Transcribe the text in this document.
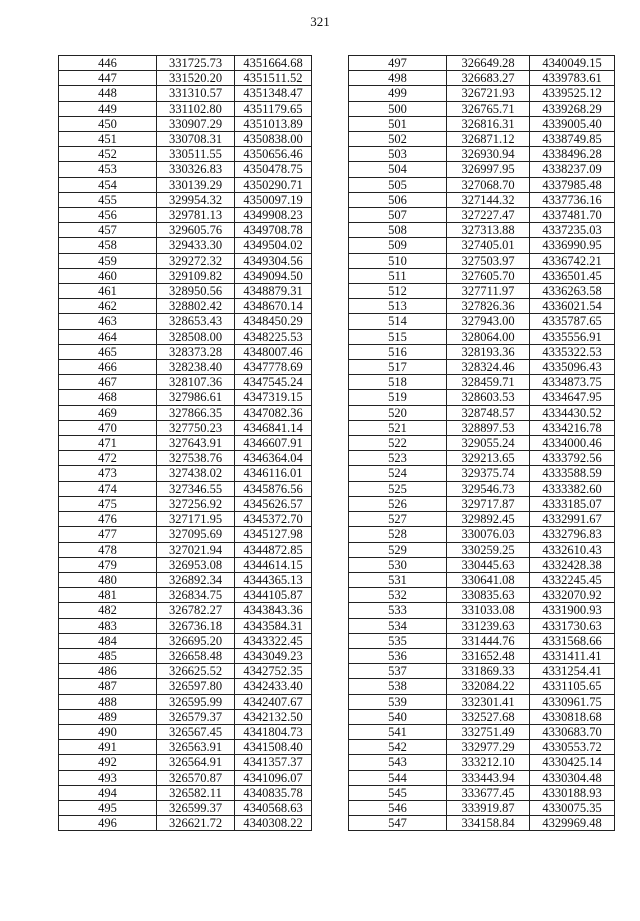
321
446	331725.73	4351664.68
447	331520.20	4351511.52
448	331310.57	4351348.47
449	331102.80	4351179.65
450	330907.29	4351013.89
451	330708.31	4350838.00
452	330511.55	4350656.46
453	330326.83	4350478.75
454	330139.29	4350290.71
455	329954.32	4350097.19
456	329781.13	4349908.23
457	329605.76	4349708.78
458	329433.30	4349504.02
459	329272.32	4349304.56
460	329109.82	4349094.50
461	328950.56	4348879.31
462	328802.42	4348670.14
463	328653.43	4348450.29
464	328508.00	4348225.53
465	328373.28	4348007.46
466	328238.40	4347778.69
467	328107.36	4347545.24
468	327986.61	4347319.15
469	327866.35	4347082.36
470	327750.23	4346841.14
471	327643.91	4346607.91
472	327538.76	4346364.04
473	327438.02	4346116.01
474	327346.55	4345876.56
475	327256.92	4345626.57
476	327171.95	4345372.70
477	327095.69	4345127.98
478	327021.94	4344872.85
479	326953.08	4344614.15
480	326892.34	4344365.13
481	326834.75	4344105.87
482	326782.27	4343843.36
483	326736.18	4343584.31
484	326695.20	4343322.45
485	326658.48	4343049.23
486	326625.52	4342752.35
487	326597.80	4342433.40
488	326595.99	4342407.67
489	326579.37	4342132.50
490	326567.45	4341804.73
491	326563.91	4341508.40
492	326564.91	4341357.37
493	326570.87	4341096.07
494	326582.11	4340835.78
495	326599.37	4340568.63
496	326621.72	4340308.22
497	326649.28	4340049.15
498	326683.27	4339783.61
499	326721.93	4339525.12
500	326765.71	4339268.29
501	326816.31	4339005.40
502	326871.12	4338749.85
503	326930.94	4338496.28
504	326997.95	4338237.09
505	327068.70	4337985.48
506	327144.32	4337736.16
507	327227.47	4337481.70
508	327313.88	4337235.03
509	327405.01	4336990.95
510	327503.97	4336742.21
511	327605.70	4336501.45
512	327711.97	4336263.58
513	327826.36	4336021.54
514	327943.00	4335787.65
515	328064.00	4335556.91
516	328193.36	4335322.53
517	328324.46	4335096.43
518	328459.71	4334873.75
519	328603.53	4334647.95
520	328748.57	4334430.52
521	328897.53	4334216.78
522	329055.24	4334000.46
523	329213.65	4333792.56
524	329375.74	4333588.59
525	329546.73	4333382.60
526	329717.87	4333185.07
527	329892.45	4332991.67
528	330076.03	4332796.83
529	330259.25	4332610.43
530	330445.63	4332428.38
531	330641.08	4332245.45
532	330835.63	4332070.92
533	331033.08	4331900.93
534	331239.63	4331730.63
535	331444.76	4331568.66
536	331652.48	4331411.41
537	331869.33	4331254.41
538	332084.22	4331105.65
539	332301.41	4330961.75
540	332527.68	4330818.68
541	332751.49	4330683.70
542	332977.29	4330553.72
543	333212.10	4330425.14
544	333443.94	4330304.48
545	333677.45	4330188.93
546	333919.87	4330075.35
547	334158.84	4329969.48
